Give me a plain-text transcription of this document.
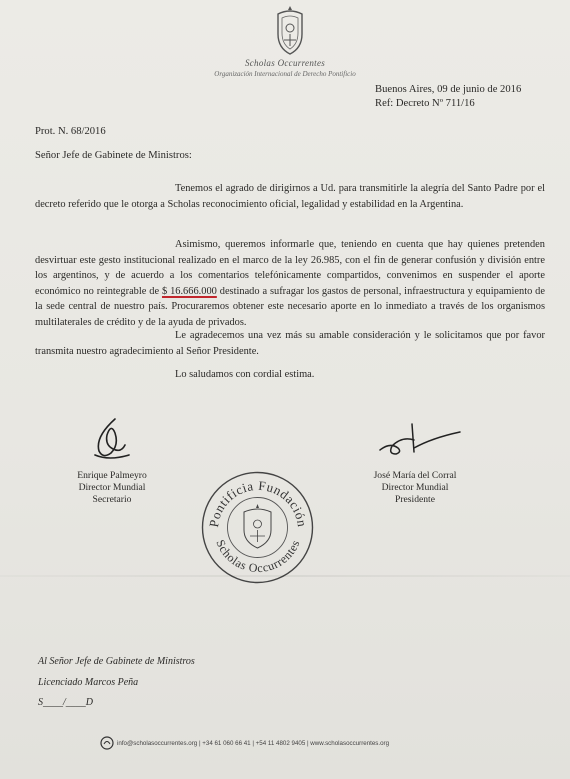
Scholas Occurrentes
Organización Internacional de Derecho Pontificio
Buenos Aires, 09 de junio de 2016
Ref: Decreto Nº 711/16
Prot. N. 68/2016
Señor Jefe de Gabinete de Ministros:
Tenemos el agrado de dirigirnos a Ud. para transmitirle la alegría del Santo Padre por el decreto referido que le otorga a Scholas reconocimiento oficial, legalidad y estabilidad en la Argentina.
Asimismo, queremos informarle que, teniendo en cuenta que hay quienes pretenden desvirtuar este gesto institucional realizado en el marco de la ley 26.985, con el fin de generar confusión y división entre los argentinos, y de acuerdo a los comentarios telefónicamente compartidos, convenimos en suspender el aporte económico no reintegrable de $ 16.666.000 destinado a sufragar los gastos de personal, infraestructura y equipamiento de la sede central de nuestro país. Procuraremos obtener este necesario aporte en lo inmediato a través de los organismos multilaterales de crédito y de la ayuda de privados.
Le agradecemos una vez más su amable consideración y le solicitamos que por favor transmita nuestro agradecimiento al Señor Presidente.
Lo saludamos con cordial estima.
Enrique Palmeyro
Director Mundial
Secretario
José María del Corral
Director Mundial
Presidente
Pontificia Fundación
Scholas Occurrentes
Al Señor Jefe de Gabinete de Ministros
Licenciado Marcos Peña
S____/____D
info@scholasoccurrentes.org | +34 61 060 66 41 | +54 11 4802 9405 | www.scholasoccurrentes.org
